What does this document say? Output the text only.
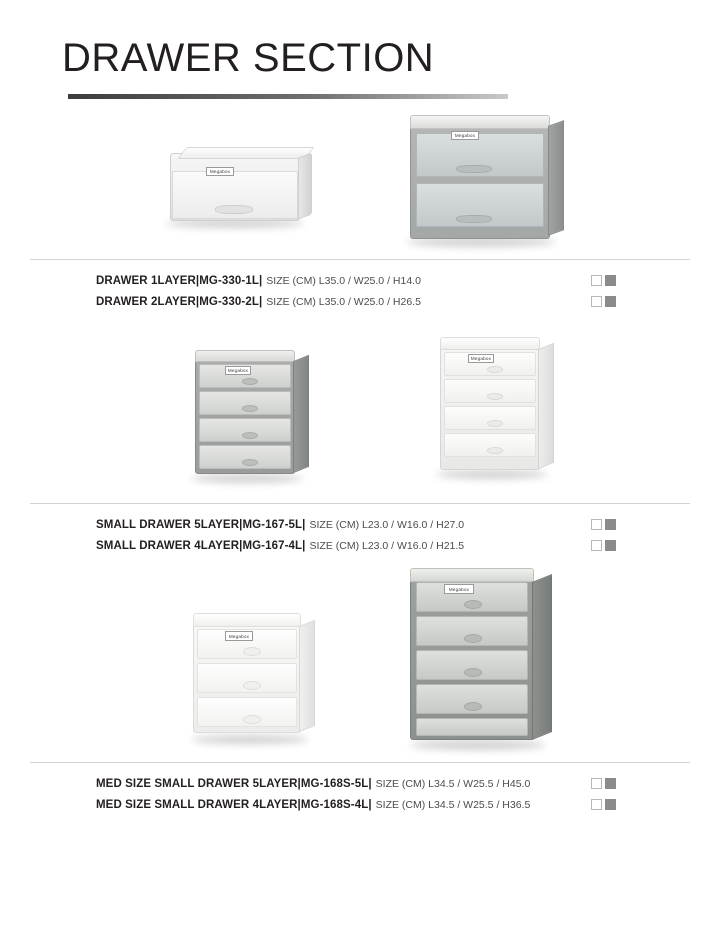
DRAWER SECTION
Megabox
Megabox
DRAWER 1LAYER | MG-330-1L | SIZE (CM) L35.0 / W25.0 / H14.0
DRAWER 2LAYER | MG-330-2L | SIZE (CM) L35.0 / W25.0 / H26.5
Megabox
Megabox
SMALL DRAWER 5LAYER | MG-167-5L | SIZE (CM) L23.0 / W16.0 / H27.0
SMALL DRAWER 4LAYER | MG-167-4L | SIZE (CM) L23.0 / W16.0 / H21.5
Megabox
Megabox
MED SIZE SMALL DRAWER 5LAYER | MG-168S-5L | SIZE (CM) L34.5 / W25.5 / H45.0
MED SIZE SMALL DRAWER 4LAYER | MG-168S-4L | SIZE (CM) L34.5 / W25.5 / H36.5
